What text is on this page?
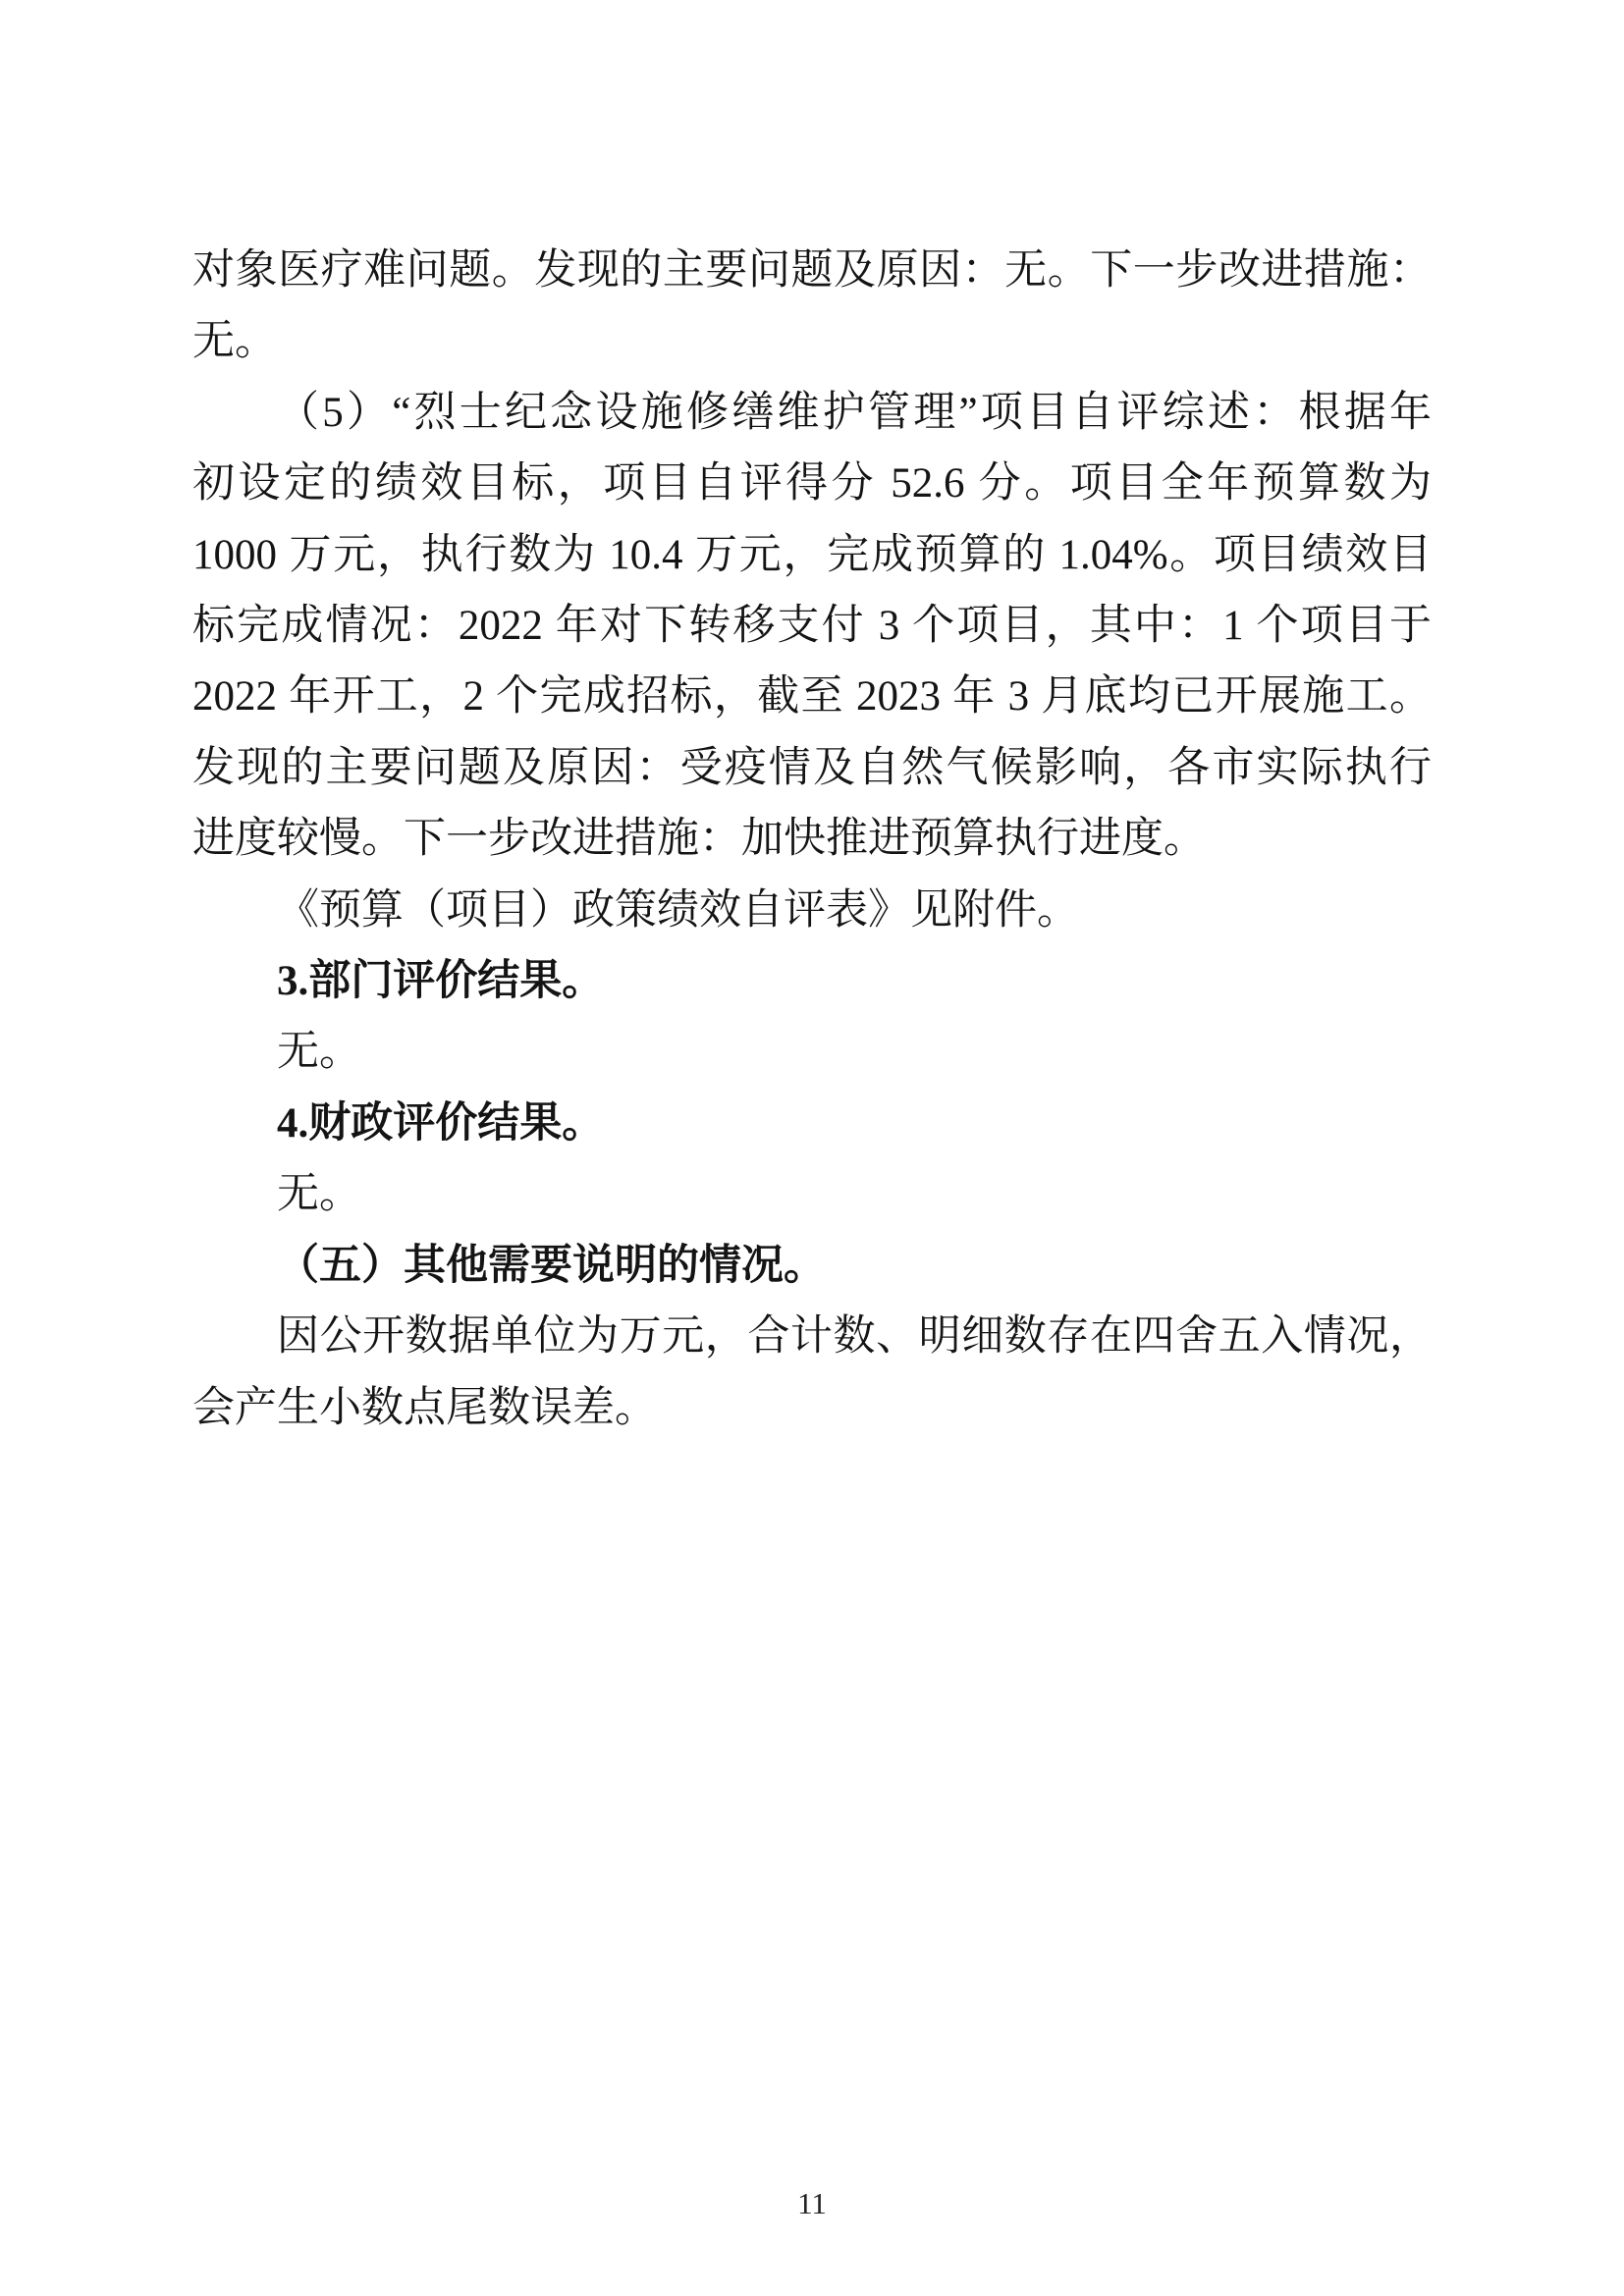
对象医疗难问题。发现的主要问题及原因：无。下一步改进措施：
无。
（5）“烈士纪念设施修缮维护管理”项目自评综述：根据年
初设定的绩效目标，项目自评得分 52.6 分。项目全年预算数为
1000 万元，执行数为 10.4 万元，完成预算的 1.04%。项目绩效目
标完成情况：2022 年对下转移支付 3 个项目，其中：1 个项目于
2022 年开工，2 个完成招标，截至 2023 年 3 月底均已开展施工。
发现的主要问题及原因：受疫情及自然气候影响，各市实际执行
进度较慢。下一步改进措施：加快推进预算执行进度。
《预算（项目）政策绩效自评表》见附件。
3.部门评价结果。
无。
4.财政评价结果。
无。
（五）其他需要说明的情况。
因公开数据单位为万元，合计数、明细数存在四舍五入情况，
会产生小数点尾数误差。
11
